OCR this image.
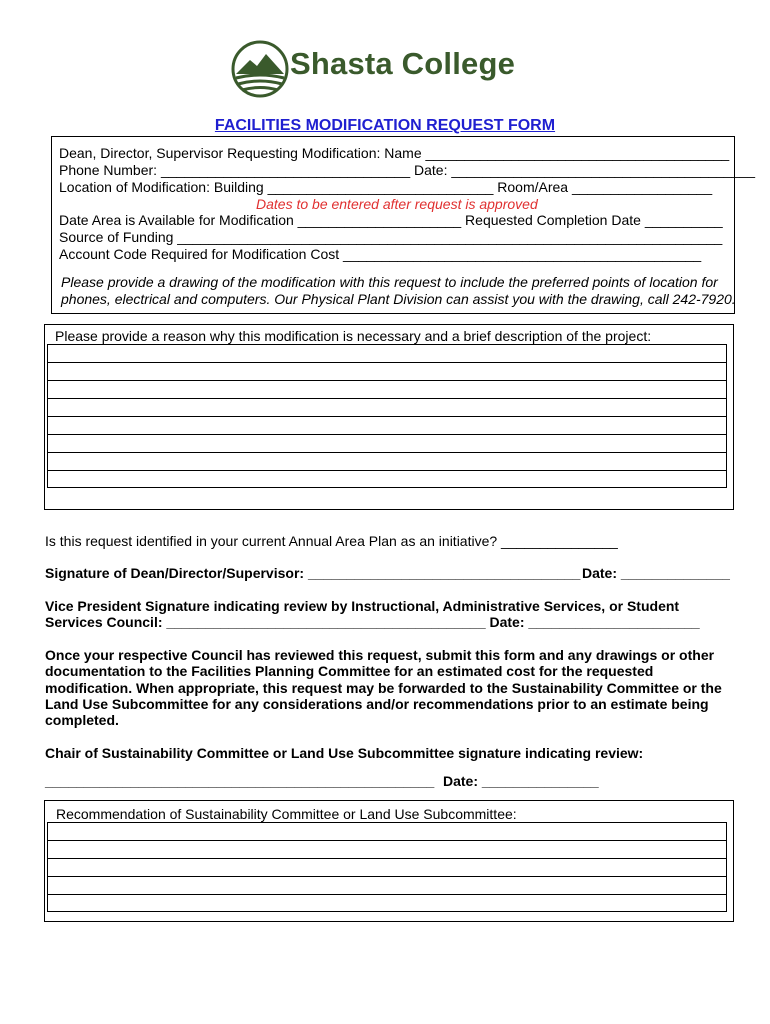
Shasta College
FACILITIES MODIFICATION REQUEST FORM
Dean, Director, Supervisor Requesting Modification: Name _______________________________________
Phone Number: ________________________________ Date: _______________________________________
Location of Modification: Building _____________________________ Room/Area __________________
Dates to be entered after request is approved
Date Area is Available for Modification _____________________ Requested Completion Date __________
Source of Funding ______________________________________________________________________
Account Code Required for Modification Cost ______________________________________________
Please provide a drawing of the modification with this request to include the preferred points of location for
phones, electrical and computers. Our Physical Plant Division can assist you with the drawing, call 242-7920.
Please provide a reason why this modification is necessary and a brief description of the project:
Is this request identified in your current Annual Area Plan as an initiative? _______________
Signature of Dean/Director/Supervisor: ___________________________________ Date: ______________
Vice President Signature indicating review by Instructional, Administrative Services, or Student
Services Council: _________________________________________ Date: ______________________
Once your respective Council has reviewed this request, submit this form and any drawings or other
documentation to the Facilities Planning Committee for an estimated cost for the requested
modification. When appropriate, this request may be forwarded to the Sustainability Committee or the
Land Use Subcommittee for any considerations and/or recommendations prior to an estimate being
completed.
Chair of Sustainability Committee or Land Use Subcommittee signature indicating review:
__________________________________________________ Date: _______________
Recommendation of Sustainability Committee or Land Use Subcommittee:
